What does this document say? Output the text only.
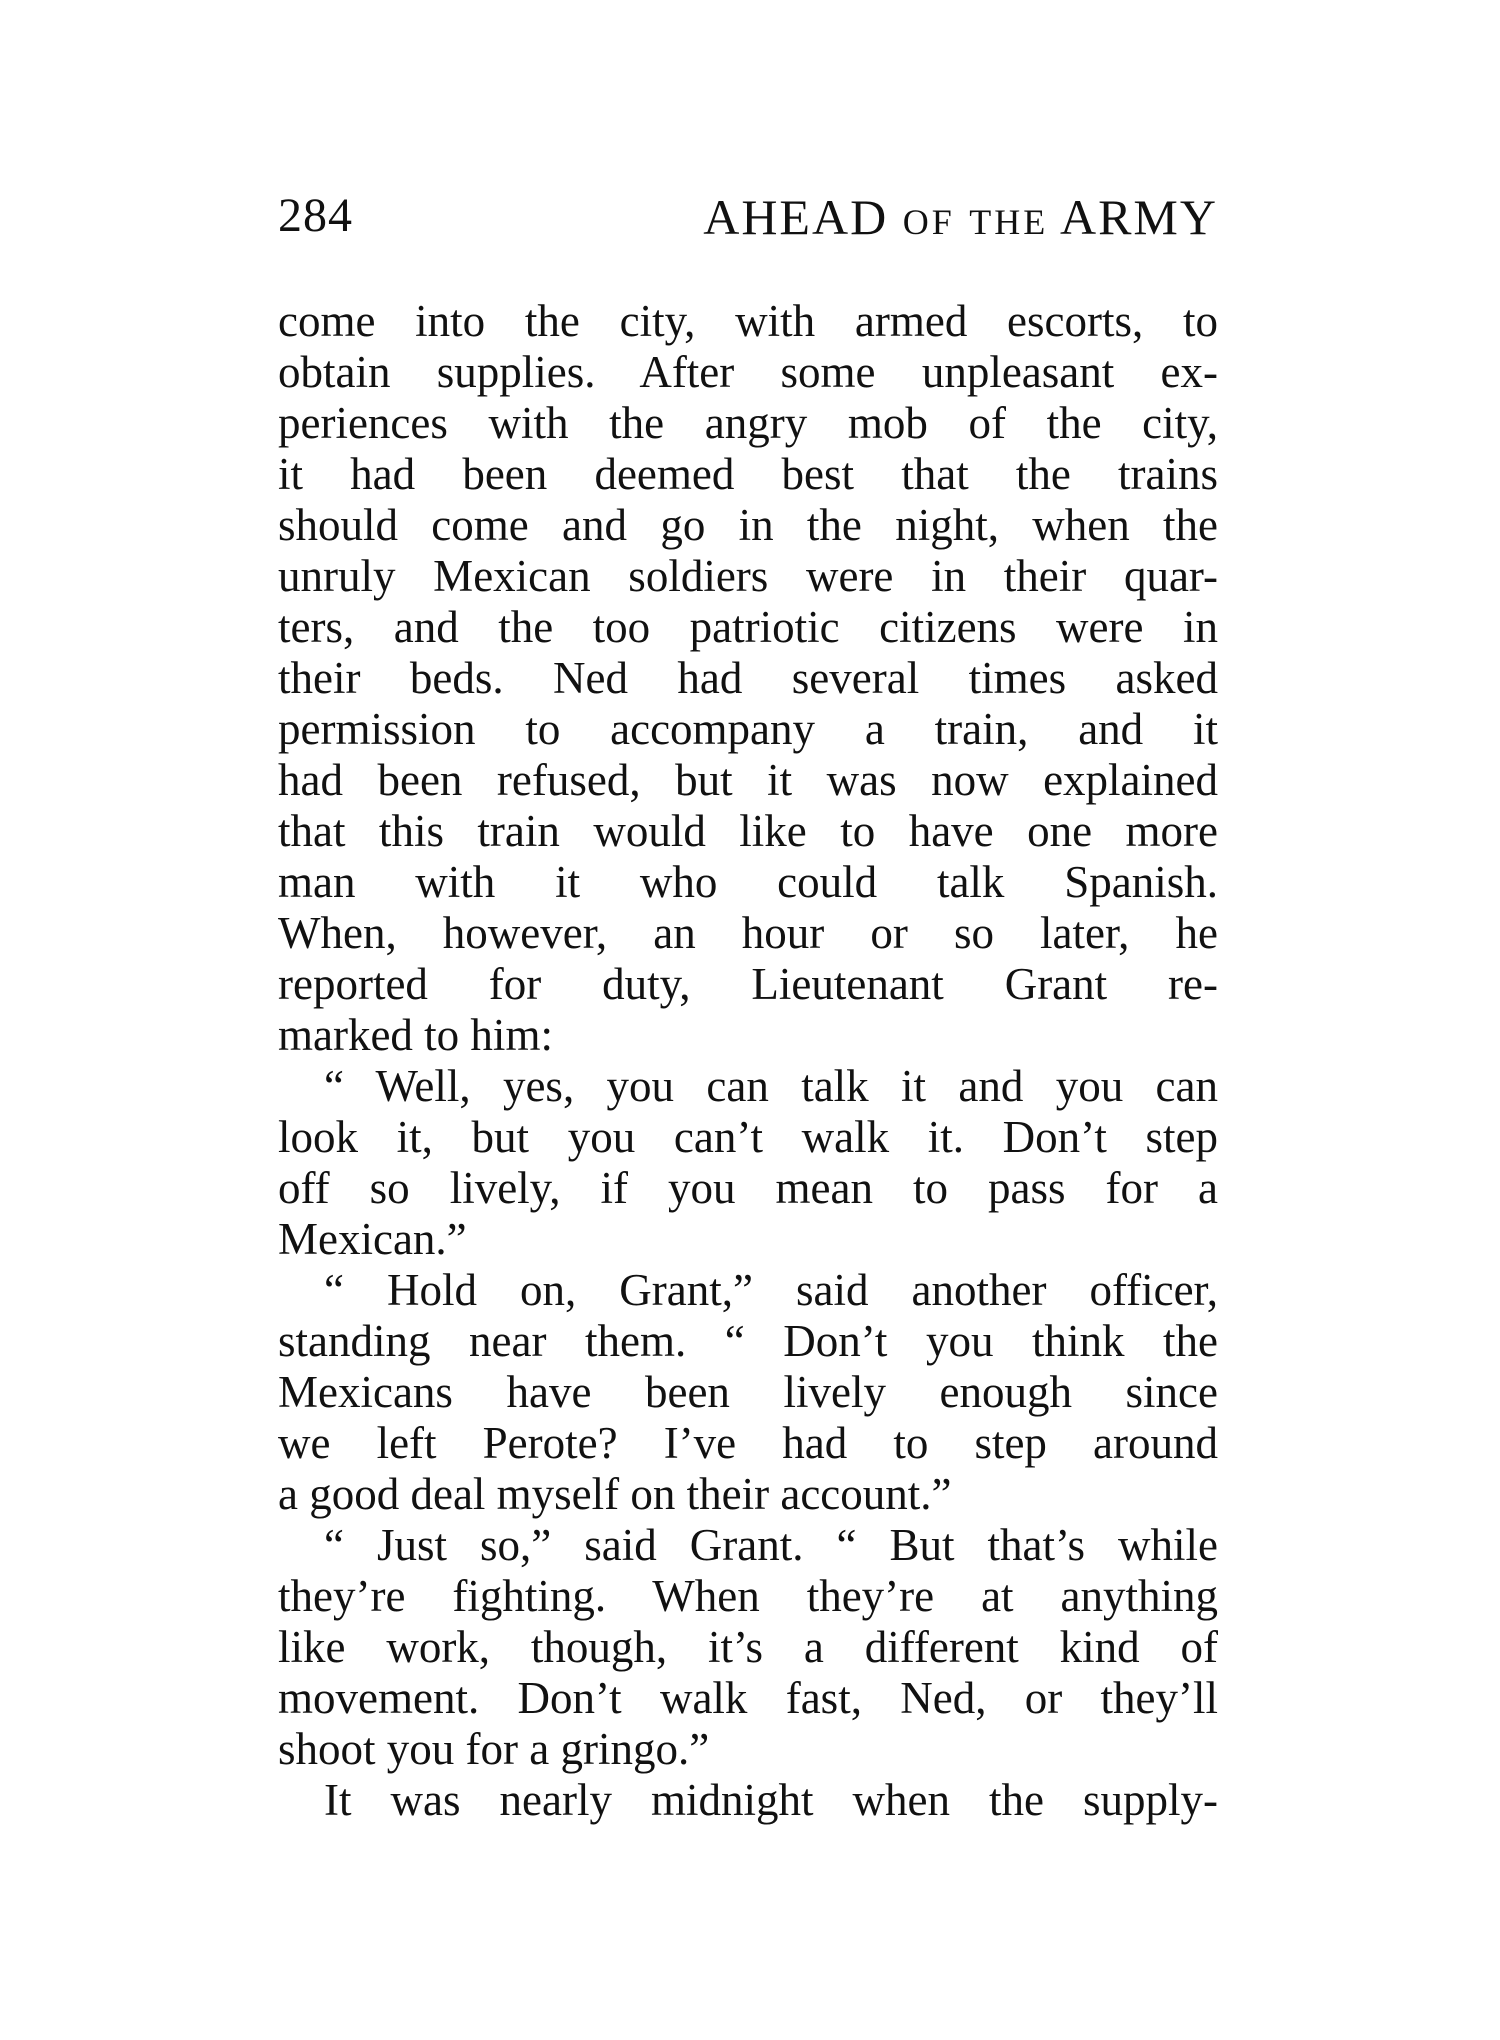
284	AHEAD OF THE ARMY
come into the city, with armed escorts, to
obtain supplies. After some unpleasant ex-
periences with the angry mob of the city,
it had been deemed best that the trains
should come and go in the night, when the
unruly Mexican soldiers were in their quar-
ters, and the too patriotic citizens were in
their beds. Ned had several times asked
permission to accompany a train, and it
had been refused, but it was now explained
that this train would like to have one more
man with it who could talk Spanish.
When, however, an hour or so later, he
reported for duty, Lieutenant Grant re-
marked to him:
“ Well, yes, you can talk it and you can
look it, but you can’t walk it. Don’t step
off so lively, if you mean to pass for a
Mexican.”
“ Hold on, Grant,” said another officer,
standing near them. “ Don’t you think the
Mexicans have been lively enough since
we left Perote? I’ve had to step around
a good deal myself on their account.”
“ Just so,” said Grant. “ But that’s while
they’re fighting. When they’re at anything
like work, though, it’s a different kind of
movement. Don’t walk fast, Ned, or they’ll
shoot you for a gringo.”
It was nearly midnight when the supply-
